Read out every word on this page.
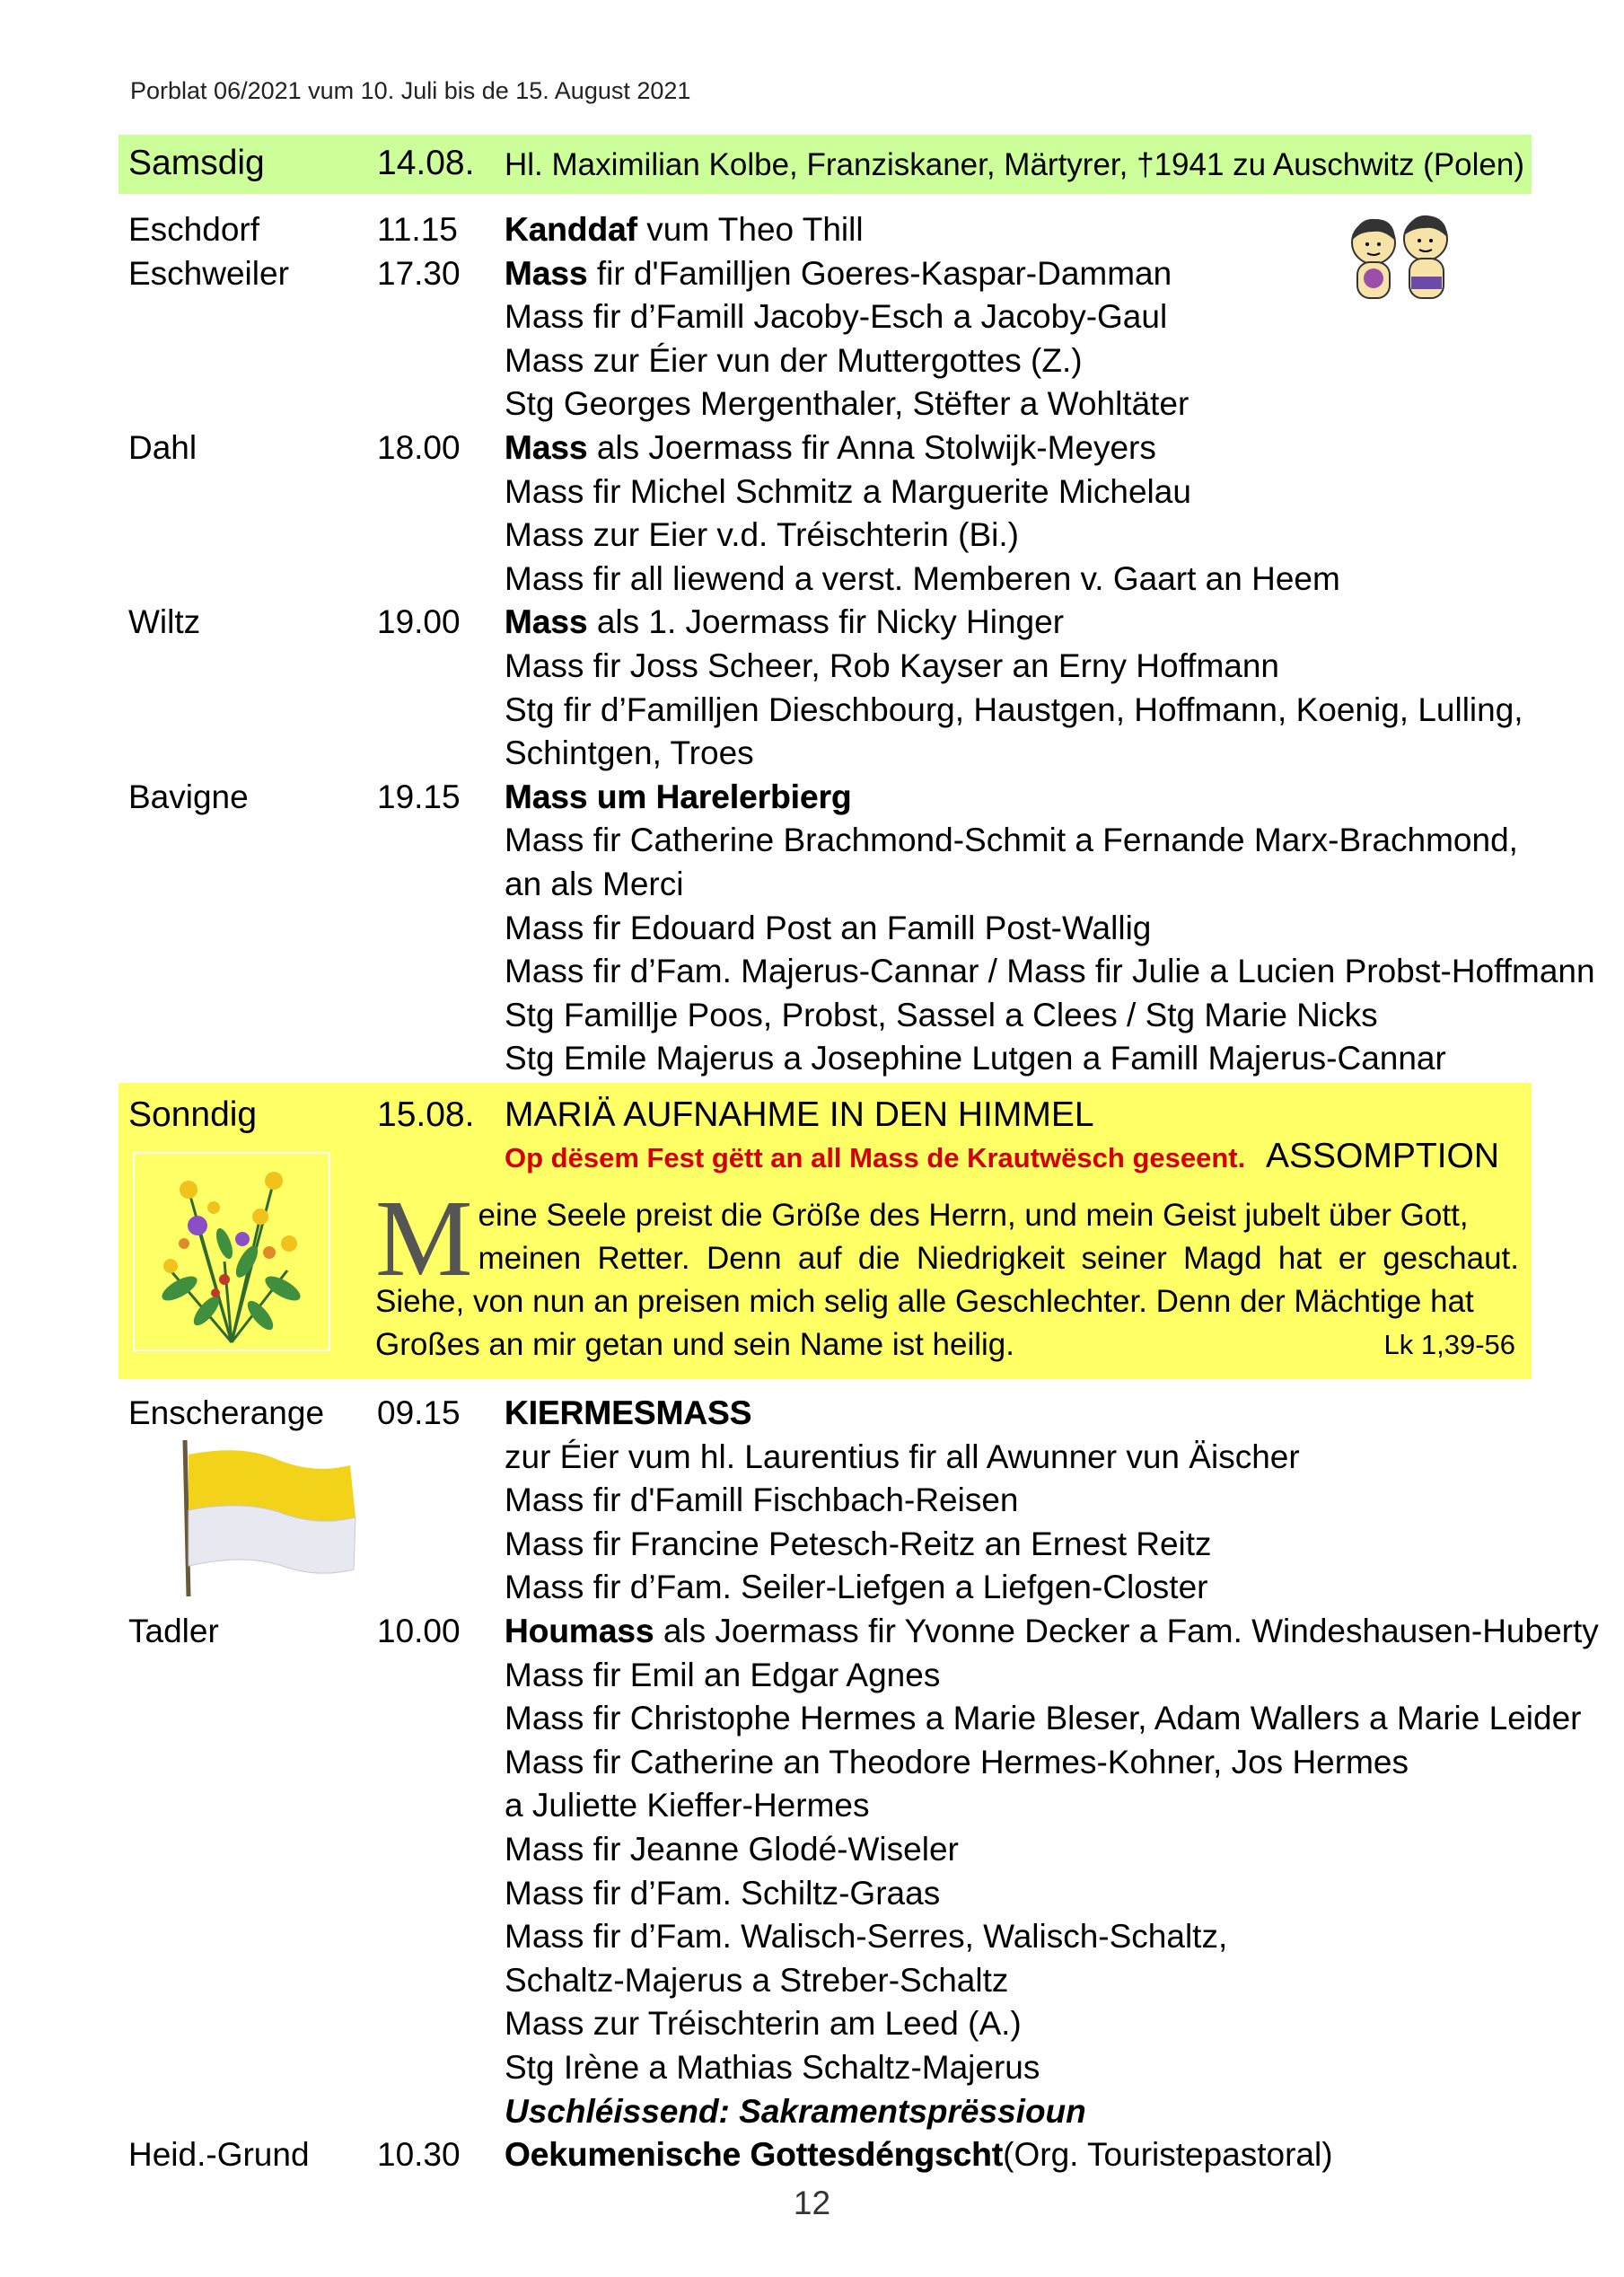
Porblat 06/2021 vum 10. Juli bis de 15. August 2021
Samsdig	14.08. Hl. Maximilian Kolbe, Franziskaner, Märtyrer, †1941 zu Auschwitz (Polen)
Eschdorf	11.15 Kanddaf vum Theo Thill
Eschweiler	17.30 Mass fir d'Familljen Goeres-Kaspar-Damman
Mass fir d’Famill Jacoby-Esch a Jacoby-Gaul
Mass zur Éier vun der Muttergottes (Z.)
Stg Georges Mergenthaler, Stëfter a Wohltäter
Dahl	18.00 Mass als Joermass fir Anna Stolwijk-Meyers
Mass fir Michel Schmitz a Marguerite Michelau
Mass zur Eier v.d. Tréischterin (Bi.)
Mass fir all liewend a verst. Memberen v. Gaart an Heem
Wiltz	19.00 Mass als 1. Joermass fir Nicky Hinger
Mass fir Joss Scheer, Rob Kayser an Erny Hoffmann
Stg fir d’Familljen Dieschbourg, Haustgen, Hoffmann, Koenig, Lulling,
Schintgen, Troes
Bavigne	19.15 Mass um Harelerbierg
Mass fir Catherine Brachmond-Schmit a Fernande Marx-Brachmond,
an als Merci
Mass fir Edouard Post an Famill Post-Wallig
Mass fir d’Fam. Majerus-Cannar / Mass fir Julie a Lucien Probst-Hoffmann
Stg Famillje Poos, Probst, Sassel a Clees / Stg Marie Nicks
Stg Emile Majerus a Josephine Lutgen a Famill Majerus-Cannar
Sonndig	15.08. MARIÄ AUFNAHME IN DEN HIMMEL
Op dësem Fest gëtt an all Mass de Krautwësch geseent. ASSOMPTION
M eine Seele preist die Größe des Herrn, und mein Geist jubelt über Gott,
meinen Retter. Denn auf die Niedrigkeit seiner Magd hat er geschaut.
Siehe, von nun an preisen mich selig alle Geschlechter. Denn der Mächtige hat
Großes an mir getan und sein Name ist heilig.	Lk 1,39-56
Enscherange 09.15 KIERMESMASS
zur Éier vum hl. Laurentius fir all Awunner vun Äischer
Mass fir d'Famill Fischbach-Reisen
Mass fir Francine Petesch-Reitz an Ernest Reitz
Mass fir d’Fam. Seiler-Liefgen a Liefgen-Closter
Tadler	10.00 Houmass als Joermass fir Yvonne Decker a Fam. Windeshausen-Huberty
Mass fir Emil an Edgar Agnes
Mass fir Christophe Hermes a Marie Bleser, Adam Wallers a Marie Leider
Mass fir Catherine an Theodore Hermes-Kohner, Jos Hermes
a Juliette Kieffer-Hermes
Mass fir Jeanne Glodé-Wiseler
Mass fir d’Fam. Schiltz-Graas
Mass fir d’Fam. Walisch-Serres, Walisch-Schaltz,
Schaltz-Majerus a Streber-Schaltz
Mass zur Tréischterin am Leed (A.)
Stg Irène a Mathias Schaltz-Majerus
Uschléissend: Sakramentsprëssioun
Heid.-Grund 10.30 Oekumenische Gottesdéngscht(Org. Touristepastoral)
12
